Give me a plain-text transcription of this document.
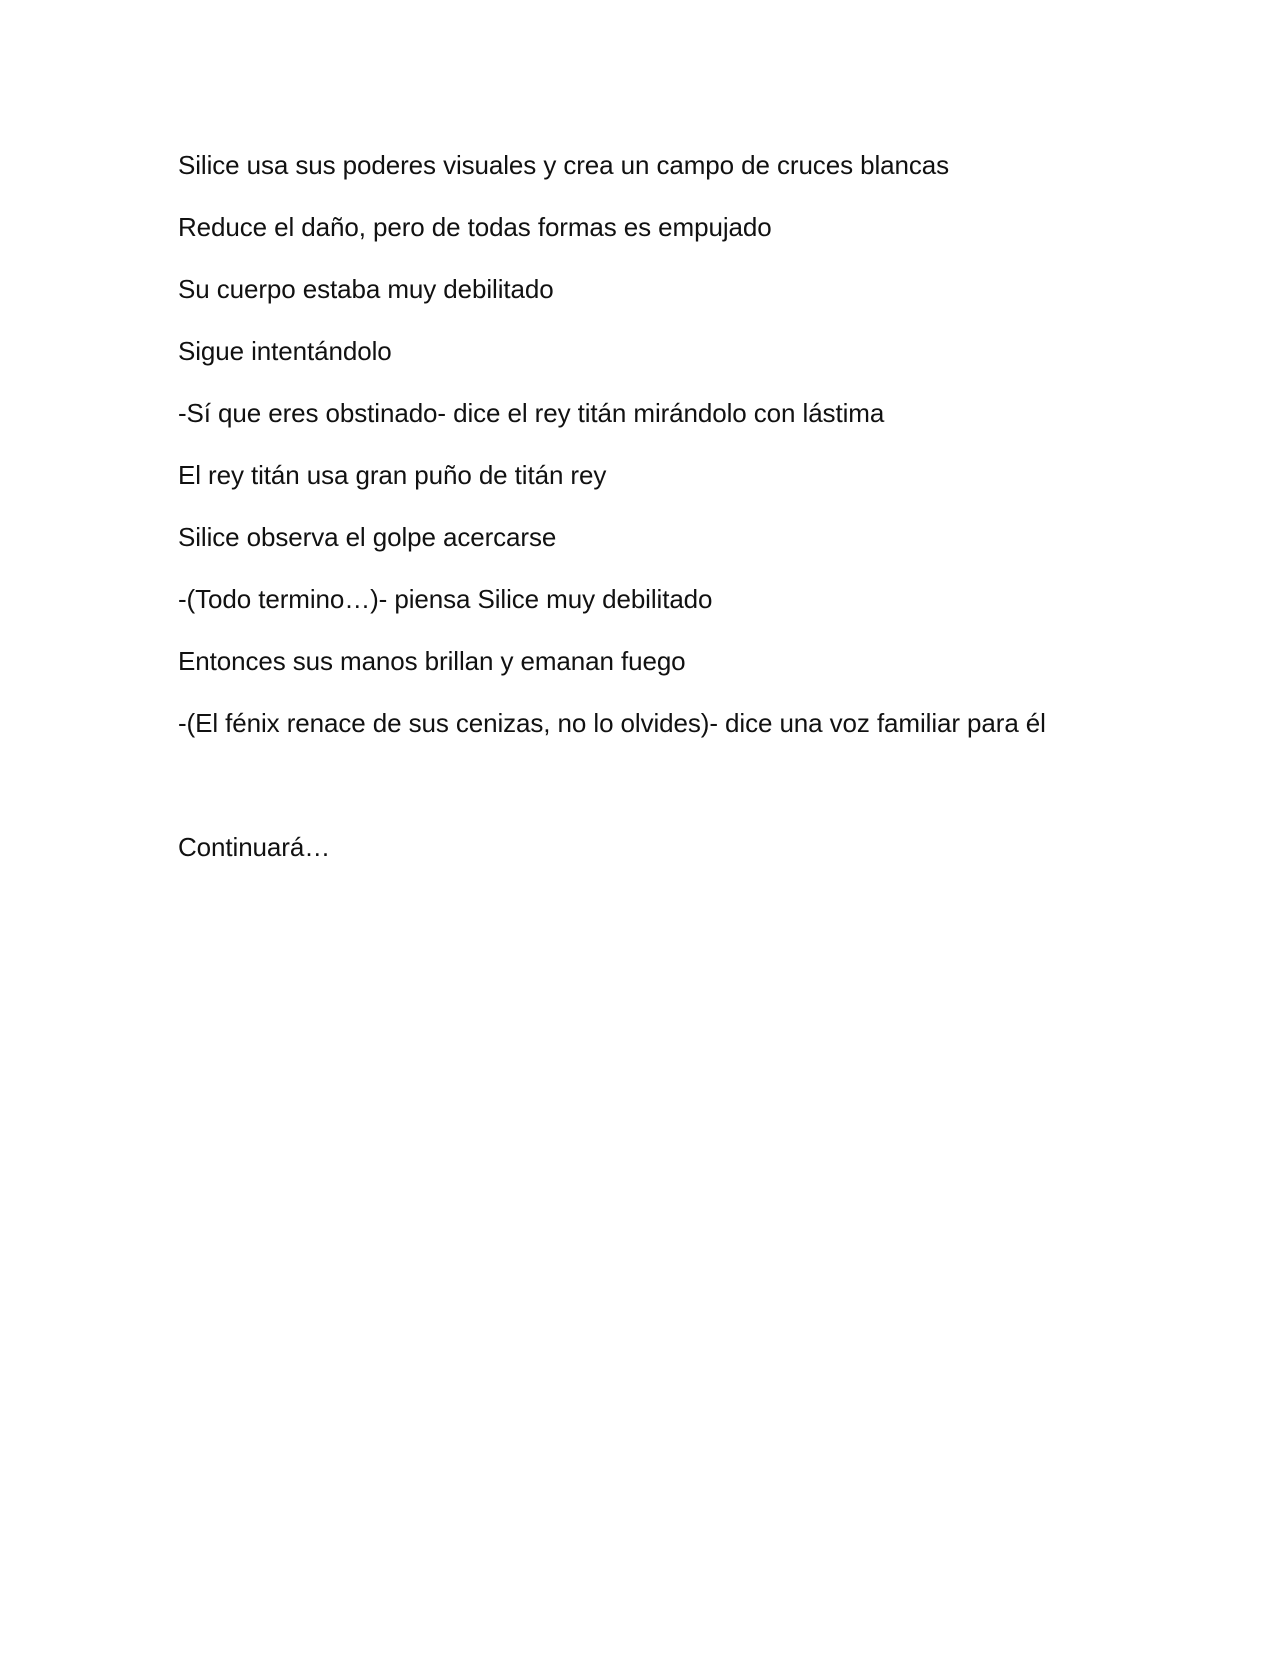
Silice usa sus poderes visuales y crea un campo de cruces blancas

Reduce el daño, pero de todas formas es empujado

Su cuerpo estaba muy debilitado

Sigue intentándolo

-Sí que eres obstinado- dice el rey titán mirándolo con lástima

El rey titán usa gran puño de titán rey

Silice observa el golpe acercarse

-(Todo termino…)- piensa Silice muy debilitado

Entonces sus manos brillan y emanan fuego

-(El fénix renace de sus cenizas, no lo olvides)- dice una voz familiar para él

Continuará…
